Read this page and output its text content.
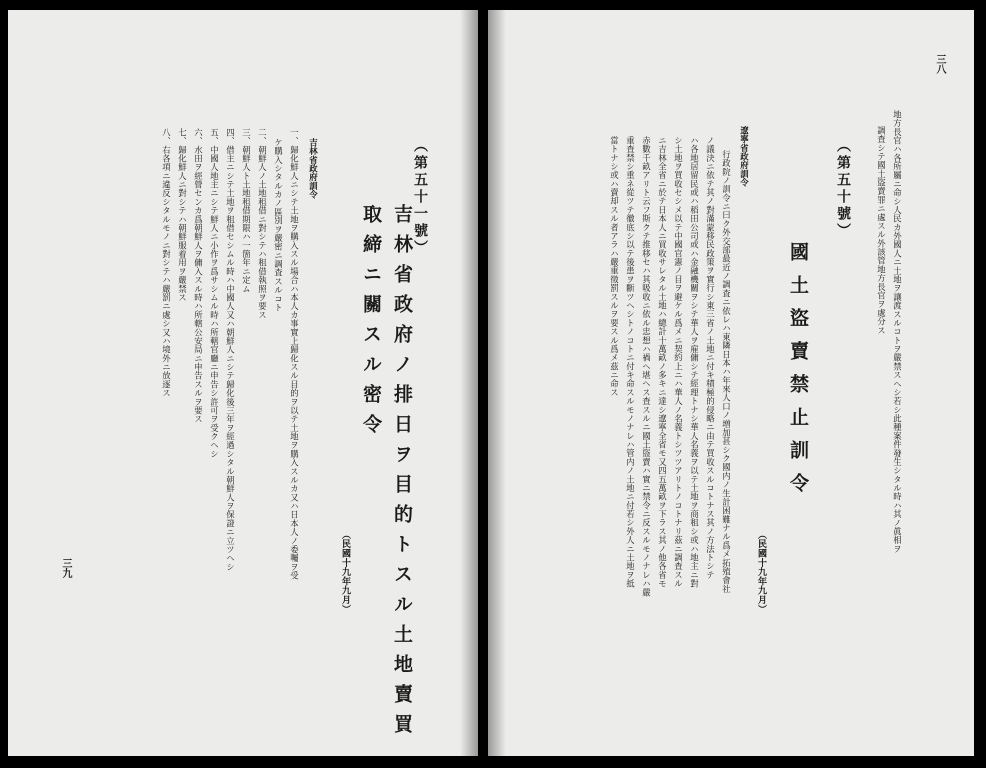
（第五十一號）
吉林省政府ノ排日ヲ目的トスル土地賣買
取締ニ關スル密令
（民國十九年九月）
吉林省政府訓令
一、歸化鮮人ニシテ土地ヲ購入スル場合ハ本人カ事實上歸化スル目的ヲ以テ土地ヲ購入スルカ又ハ日本人ノ委囑ヲ受
ケ購入シタルカノ區別ヲ嚴密ニ調査スルコト
二、朝鮮人ノ土地租借ニ對シテハ租借執照ヲ要ス
三、朝鮮人ト土地租借期限ハ一箇年ニ定ム
四、借主ニシテ土地ヲ租借セシムル時ハ中國人又ハ朝鮮人ニシテ歸化後三年ヲ經過シタル朝鮮人ヲ保證ニ立ツヘシ
五、中國人地主ニシテ鮮人ニ小作ヲ爲サシムル時ハ所轄官廳ニ申告シ許可ヲ受クヘシ
六、水田ヲ經營センカ爲朝鮮人ヲ傭入スル時ハ所轄公安局ニ申告スルヲ要ス
七、歸化鮮人ニ對シテハ朝鮮服着用ヲ嚴禁ス
八、右各項ニ違反シタルモノニ對シテハ嚴罰ニ處シ又ハ境外ニ放逐ス
三九
三八
地方長官ハ各所屬ニ命シ人民カ外國人ニ土地ヲ讓渡スルコトヲ嚴禁スヘシ若シ此種案件發生シタル時ハ其ノ眞相ヲ
調査シテ國土盜賣罪ニ處スル外該管地方長官ヲ處分ス
（第五十號）
國土盜賣禁止訓令
（民國十九年九月）
遼寧省政府訓令
行政院ノ訓令ニ曰ク外交部最近ノ調査ニ依レハ東隣日本ハ年來人口ノ増加甚シク國内ノ生計困難ナル爲メ拓殖會社
ノ議決ニ依テ其ノ對滿蒙移民政策ヲ實行シ東三省ノ土地ニ付キ積極的侵略ニ由テ買收スルコトナス其ノ方法トシテ
ハ各地居留民或ハ稻田公司或ハ金融機關ヲシテ華人ヲ雇傭シテ經理トナシ華人名義ヲ以テ土地ヲ商租シ或ハ地主ニ對
シ土地ヲ買收セシメ以テ中國官憲ノ目ヲ避ケル爲メニ契約上ニハ華人ノ名義トシツツアリトノコトナリ茲ニ調査スル
ニ吉林全省ニ於テ日本人ニ買收サレタル土地ハ總計十萬畝ノ多キニ達シ遼寧全省モ又四五萬畝ヲ下ラス其ノ他各省モ
赤數千畝アリト云フ斯クテ推移セハ其吸收ニ依ル忠想ハ禍ヘ堪ヘス査スルニ國土盜賣ハ實ニ禁令ニ反スルモノナレハ嚴
重査禁シ重ネ從ツテ徹底シ以テ後患ヲ斷ツヘシトノコトニ付キ命スルモノナレハ管内ノ土地ニ付若シ外人ニ土地ヲ抵
當トナシ或ハ賣却スル者アラハ嚴重徵罰スルヲ要スル爲メ茲ニ命ス
